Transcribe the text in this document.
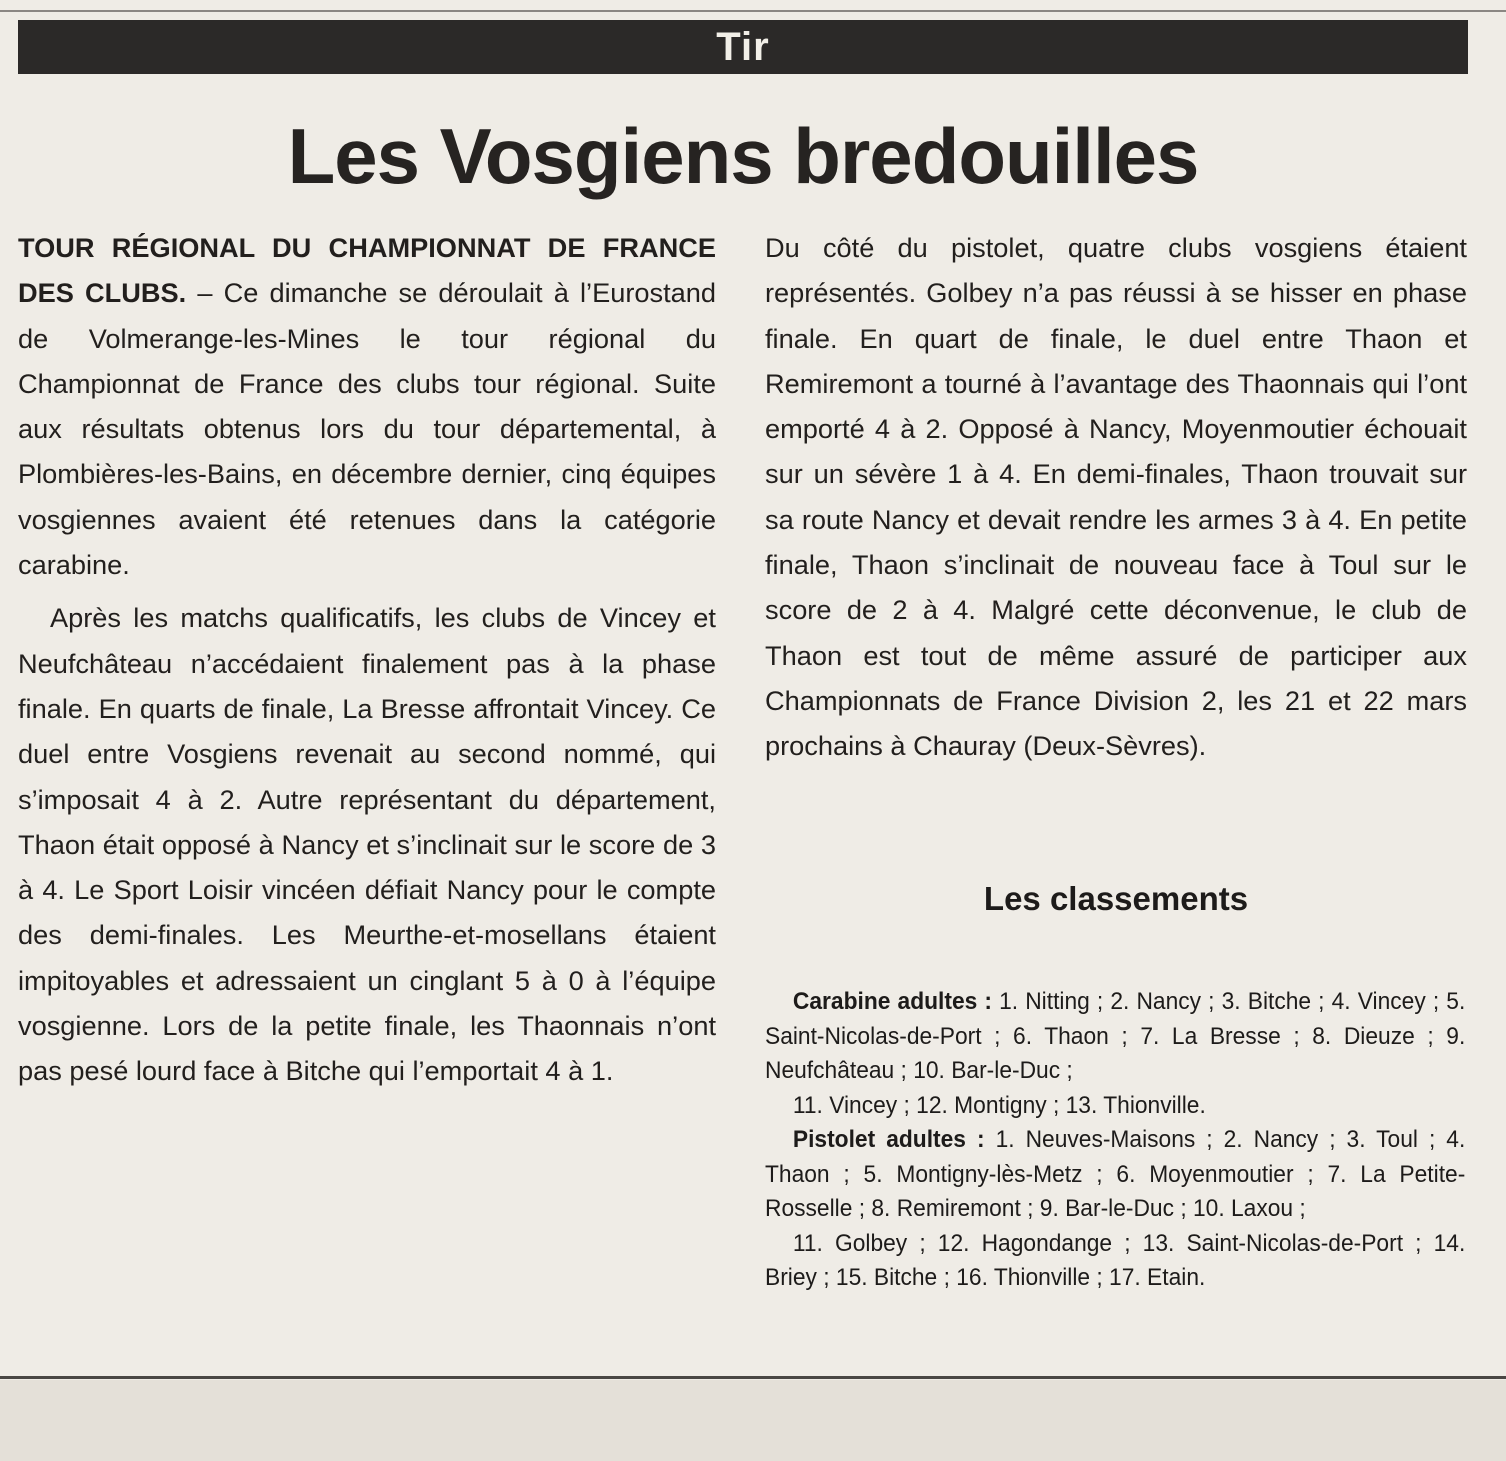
Tir
Les Vosgiens bredouilles

TOUR RÉGIONAL DU CHAMPIONNAT DE FRANCE DES CLUBS. – Ce dimanche se déroulait à l’Eurostand de Volmerange-les-Mines le tour régional du Championnat de France des clubs tour régional. Suite aux résultats obtenus lors du tour départemental, à Plombières-les-Bains, en décembre dernier, cinq équipes vosgiennes avaient été retenues dans la catégorie carabine.

Après les matchs qualificatifs, les clubs de Vincey et Neufchâteau n’accédaient finalement pas à la phase finale. En quarts de finale, La Bresse affrontait Vincey. Ce duel entre Vosgiens revenait au second nommé, qui s’imposait 4 à 2. Autre représentant du département, Thaon était opposé à Nancy et s’inclinait sur le score de 3 à 4. Le Sport Loisir vincéen défiait Nancy pour le compte des demi-finales. Les Meurthe-et-mosellans étaient impitoyables et adressaient un cinglant 5 à 0 à l’équipe vosgienne. Lors de la petite finale, les Thaonnais n’ont pas pesé lourd face à Bitche qui l’emportait 4 à 1.

Du côté du pistolet, quatre clubs vosgiens étaient représentés. Golbey n’a pas réussi à se hisser en phase finale. En quart de finale, le duel entre Thaon et Remiremont a tourné à l’avantage des Thaonnais qui l’ont emporté 4 à 2. Opposé à Nancy, Moyenmoutier échouait sur un sévère 1 à 4. En demi-finales, Thaon trouvait sur sa route Nancy et devait rendre les armes 3 à 4. En petite finale, Thaon s’inclinait de nouveau face à Toul sur le score de 2 à 4. Malgré cette déconvenue, le club de Thaon est tout de même assuré de participer aux Championnats de France Division 2, les 21 et 22 mars prochains à Chauray (Deux-Sèvres).

Les classements

Carabine adultes : 1. Nitting ; 2. Nancy ; 3. Bitche ; 4. Vincey ; 5. Saint-Nicolas-de-Port ; 6. Thaon ; 7. La Bresse ; 8. Dieuze ; 9. Neufchâteau ; 10. Bar-le-Duc ;

11. Vincey ; 12. Montigny ; 13. Thionville.

Pistolet adultes : 1. Neuves-Maisons ; 2. Nancy ; 3. Toul ; 4. Thaon ; 5. Montigny-lès-Metz ; 6. Moyenmoutier ; 7. La Petite-Rosselle ; 8. Remiremont ; 9. Bar-le-Duc ; 10. Laxou ;

11. Golbey ; 12. Hagondange ; 13. Saint-Nicolas-de-Port ; 14. Briey ; 15. Bitche ; 16. Thionville ; 17. Etain.
